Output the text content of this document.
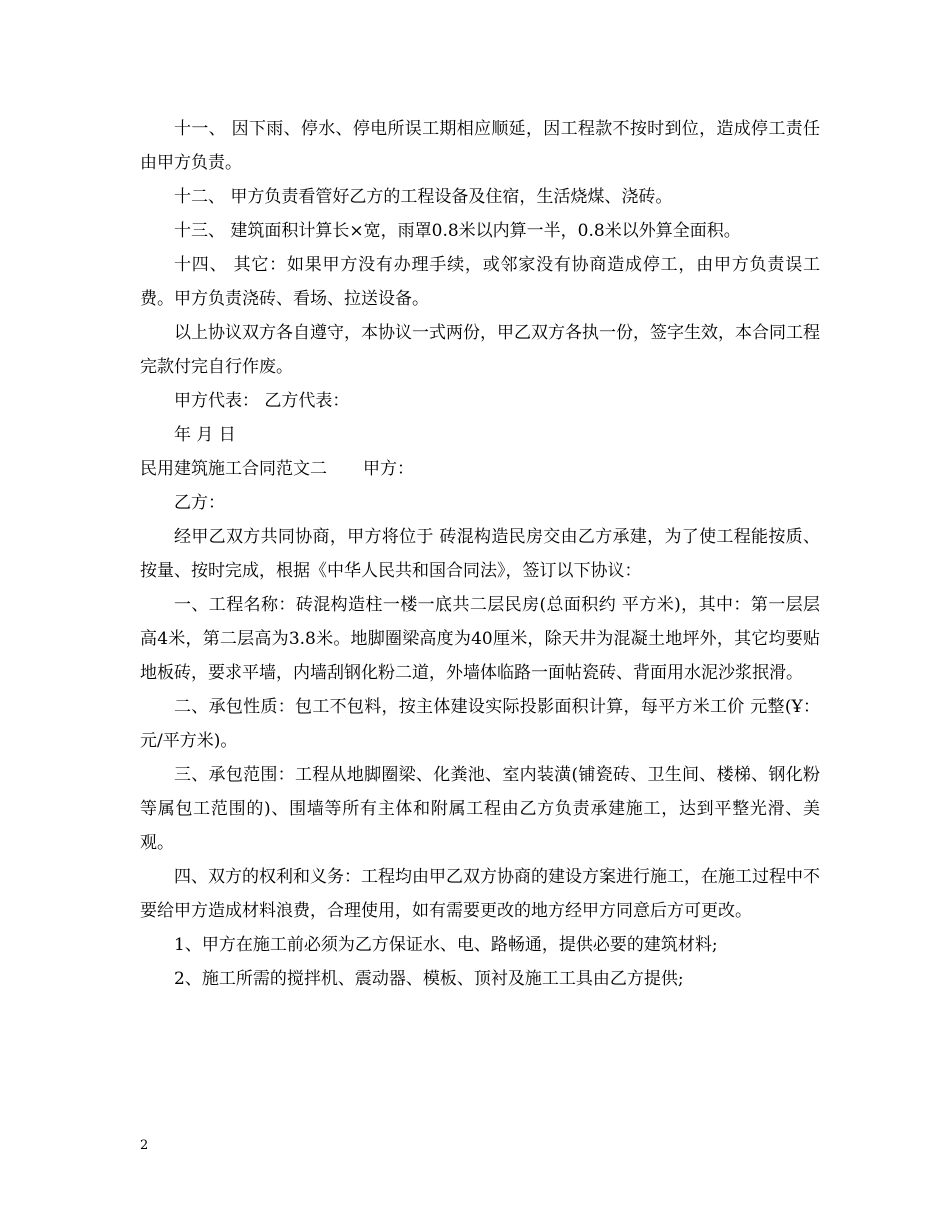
十一、 因下雨、停水、停电所误工期相应顺延，因工程款不按时到位，造成停工责任由甲方负责。

十二、 甲方负责看管好乙方的工程设备及住宿，生活烧煤、浇砖。

十三、 建筑面积计算长×宽，雨罩0.8米以内算一半，0.8米以外算全面积。

十四、 其它：如果甲方没有办理手续，或邻家没有协商造成停工，由甲方负责误工费。甲方负责浇砖、看场、拉送设备。

以上协议双方各自遵守，本协议一式两份，甲乙双方各执一份，签字生效，本合同工程完款付完自行作废。

甲方代表： 乙方代表：

年 月 日

民用建筑施工合同范文二 甲方：

乙方：

经甲乙双方共同协商，甲方将位于 砖混构造民房交由乙方承建，为了使工程能按质、按量、按时完成，根据《中华人民共和国合同法》，签订以下协议：

一、工程名称：砖混构造柱一楼一底共二层民房(总面积约 平方米)，其中：第一层层高4米，第二层高为3.8米。地脚圈梁高度为40厘米，除天井为混凝土地坪外，其它均要贴地板砖，要求平墙，内墙刮钢化粉二道，外墙体临路一面帖瓷砖、背面用水泥沙浆抿滑。

二、承包性质：包工不包料，按主体建设实际投影面积计算，每平方米工价 元整(Ұ： 元/平方米)。

三、承包范围：工程从地脚圈梁、化粪池、室内装潢(铺瓷砖、卫生间、楼梯、钢化粉等属包工范围的)、围墙等所有主体和附属工程由乙方负责承建施工，达到平整光滑、美观。

四、双方的权利和义务：工程均由甲乙双方协商的建设方案进行施工，在施工过程中不要给甲方造成材料浪费，合理使用，如有需要更改的地方经甲方同意后方可更改。

1、甲方在施工前必须为乙方保证水、电、路畅通，提供必要的建筑材料;

2、施工所需的搅拌机、震动器、模板、顶衬及施工工具由乙方提供;

2
